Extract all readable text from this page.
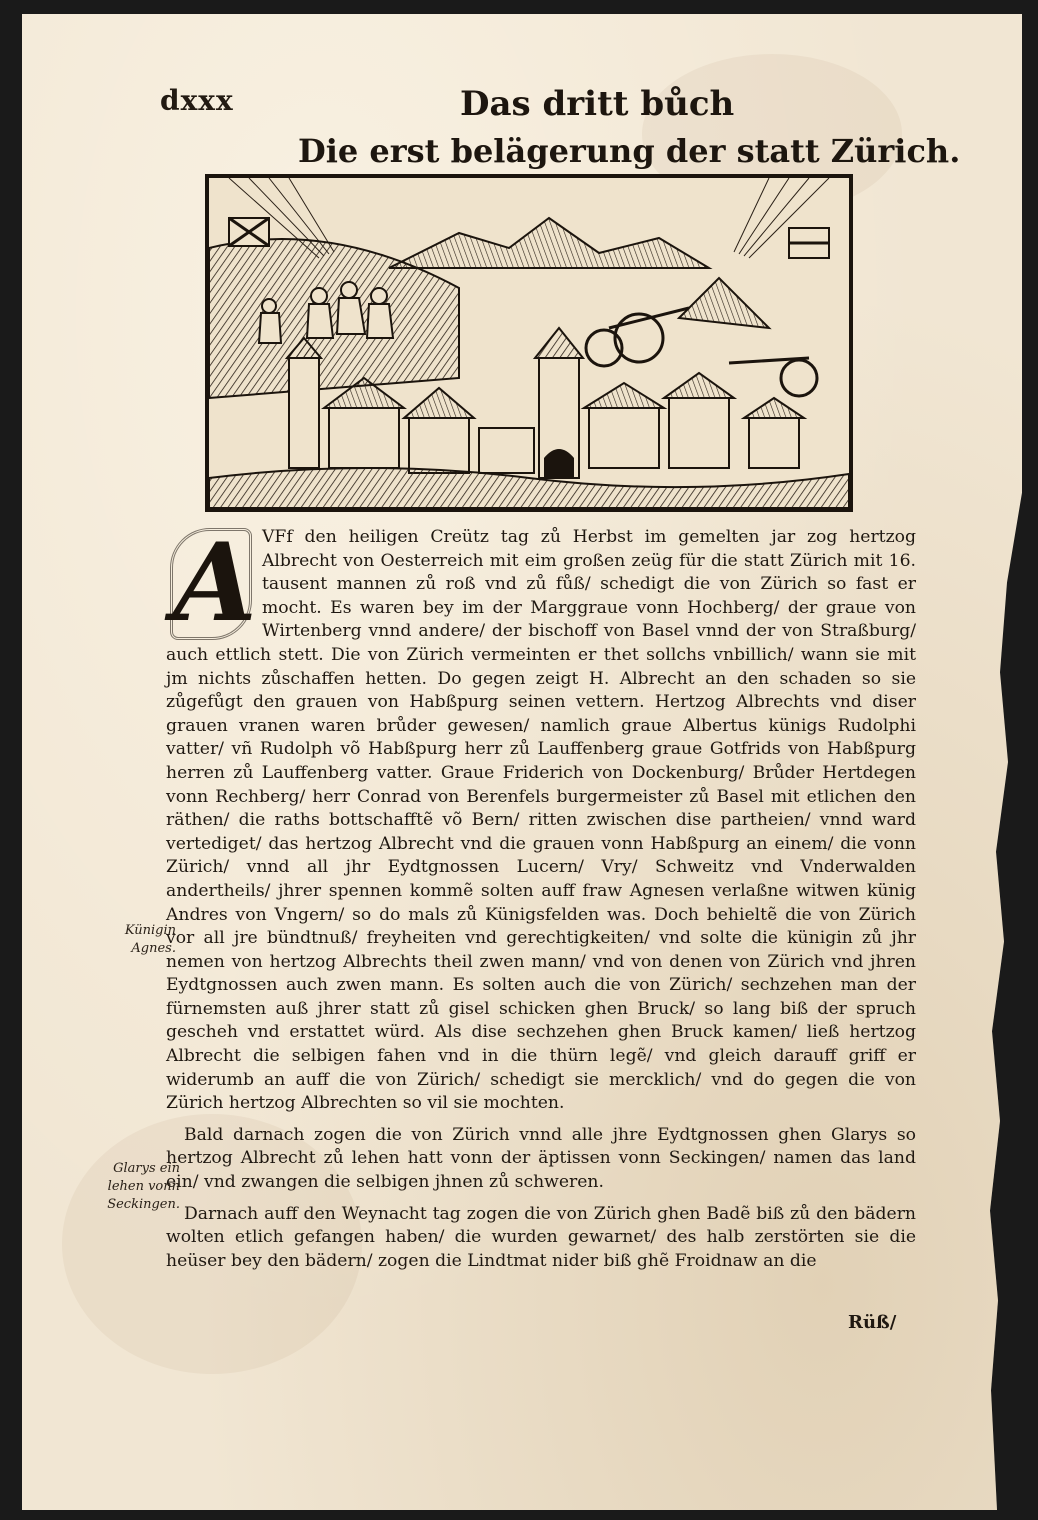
dxxx	Das dritt bůch
Die erst belägerung der statt Zürich.
A VFf den heiligen Creütz tag zů Herbst im gemelten jar zog hertzog Albrecht von Oesterreich mit eim großen zeüg für die statt Zürich mit 16. tausent mannen zů roß vnd zů fůß/ schedigt die von Zürich so fast er mocht. Es waren bey im der Marggraue vonn Hochberg/ der graue von Wirtenberg vnnd andere/ der bischoff von Basel vnnd der von Straßburg/ auch ettlich stett. Die von Zürich vermeinten er thet sollchs vnbillich/ wann sie mit jm nichts zůschaffen hetten. Do gegen zeigt H. Albrecht an den schaden so sie zůgefůgt den grauen von Habßpurg seinen vettern. Hertzog Albrechts vnd diser grauen vranen waren brůder gewesen/ namlich graue Albertus künigs Rudolphi vatter/ vñ Rudolph võ Habßpurg herr zů Lauffenberg graue Gotfrids von Habßpurg herren zů Lauffenberg vatter. Graue Friderich von Dockenburg/ Brůder Hertdegen vonn Rechberg/ herr Conrad von Berenfels burgermeister zů Basel mit etlichen den räthen/ die raths bottschafftẽ võ Bern/ ritten zwischen dise partheien/ vnnd ward vertediget/ das hertzog Albrecht vnd die grauen vonn Habßpurg an einem/ die vonn Zürich/ vnnd all jhr Eydtgnossen Lucern/ Vry/ Schweitz vnd Vnderwalden andertheils/ jhrer spennen kommẽ solten auff fraw Agnesen verlaßne witwen künig Andres von Vngern/ so do mals zů Künigsfelden was. Doch behieltẽ die von Zürich vor all jre bündtnuß/ freyheiten vnd gerechtigkeiten/ vnd solte die künigin zů jhr nemen von hertzog Albrechts theil zwen mann/ vnd von denen von Zürich vnd jhren Eydtgnossen auch zwen mann. Es solten auch die von Zürich/ sechzehen man der fürnemsten auß jhrer statt zů gisel schicken ghen Bruck/ so lang biß der spruch gescheh vnd erstattet würd. Als dise sechzehen ghen Bruck kamen/ ließ hertzog Albrecht die selbigen fahen vnd in die thürn legẽ/ vnd gleich darauff griff er widerumb an auff die von Zürich/ schedigt sie mercklich/ vnd do gegen die von Zürich hertzog Albrechten so vil sie mochten.

Bald darnach zogen die von Zürich vnnd alle jhre Eydtgnossen ghen Glarys so hertzog Albrecht zů lehen hatt vonn der äptissen vonn Seckingen/ namen das land ein/ vnd zwangen die selbigen jhnen zů schweren.

Darnach auff den Weynacht tag zogen die von Zürich ghen Badẽ biß zů den bädern wolten etlich gefangen haben/ die wurden gewarnet/ des halb zerstörten sie die heüser bey den bädern/ zogen die Lindtmat nider biß ghẽ Froidnaw an die

Rüß/
Künigin Agnes.
Glarys ein lehen vonn Seckingen.
